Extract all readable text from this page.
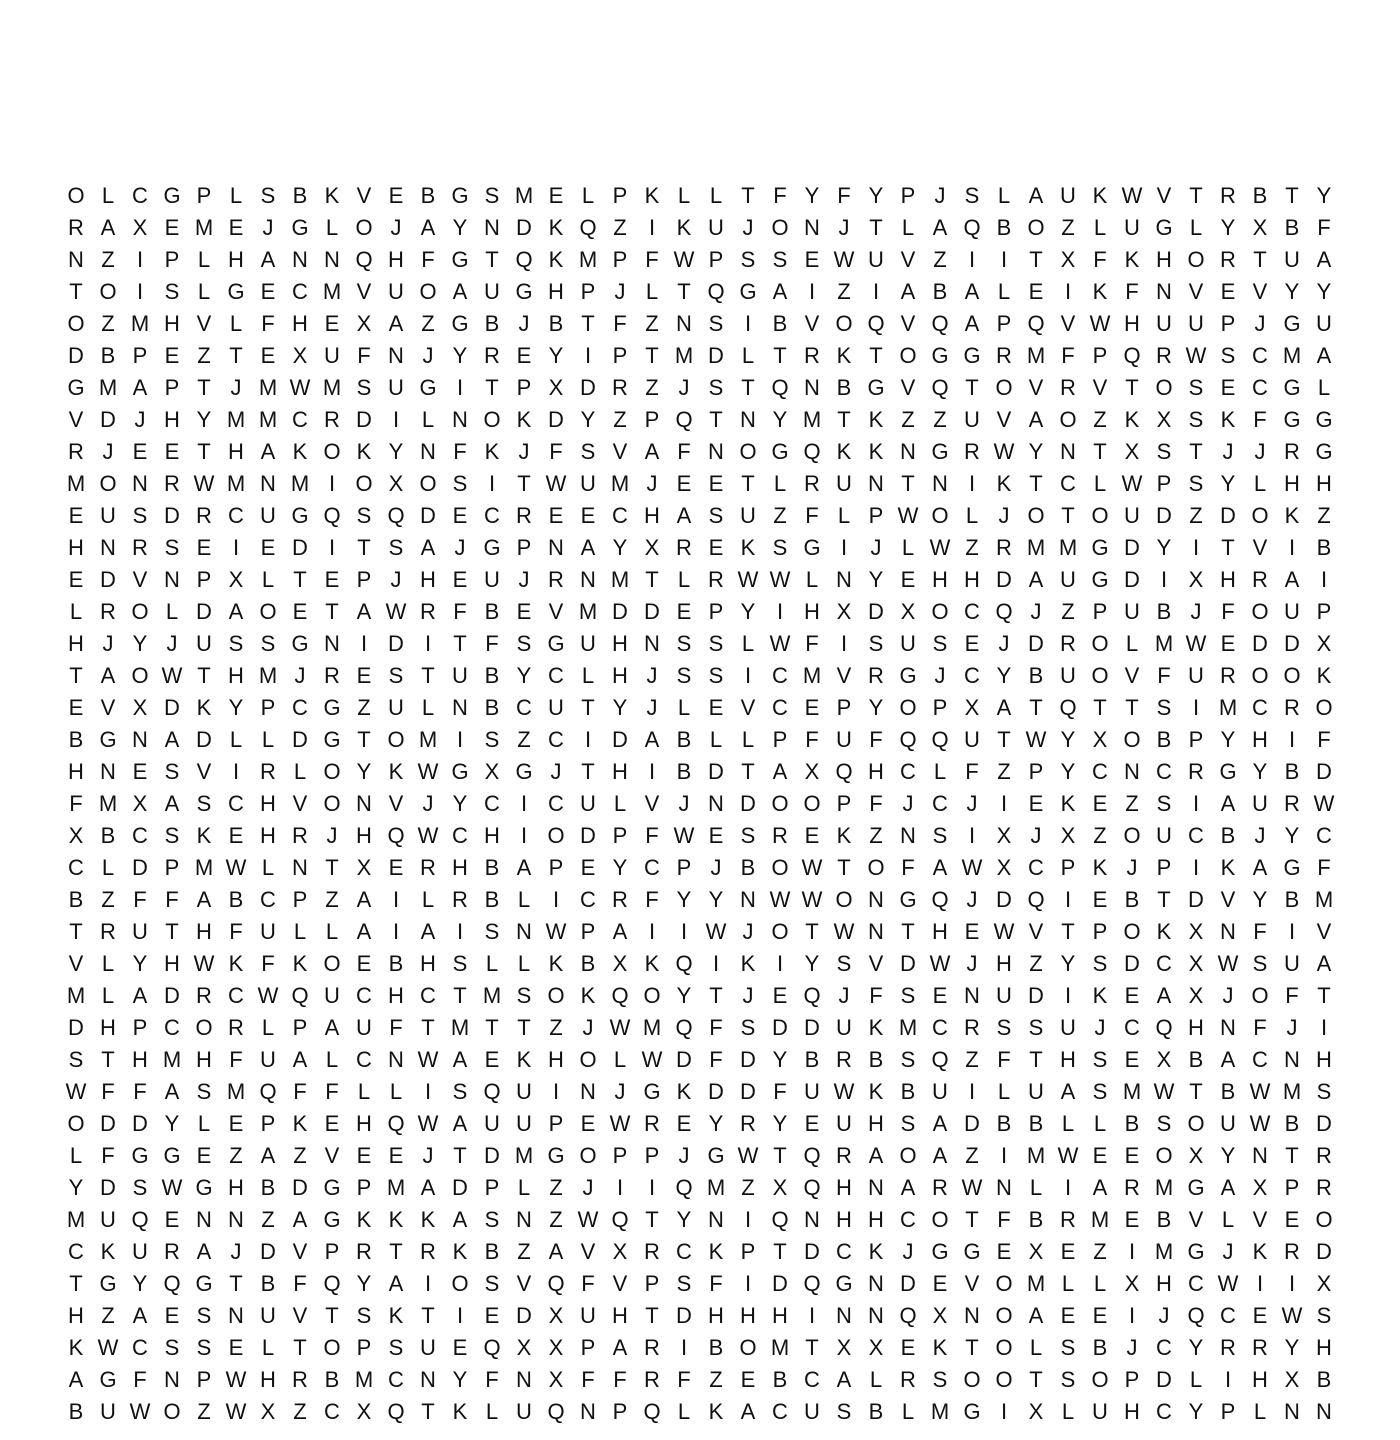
O L C G P L S B K V E B G S M E L P K L L T F Y F Y P J S L A U K W V T R B T Y
R A X E M E J G L O J A Y N D K Q Z	I K U J O N J T L A Q B O Z L U G L Y X B F
N Z	I P L H A N N Q H F G T Q K M P F W P S S E W U V Z	I	I	T X F K H O R T U A
T O I S L G E C M V U O A U G H P J L T Q G A I	Z	I A B A L E I K F N V E V Y Y
O Z M H V L F H E X A Z G B J B T F Z N S I B V O Q V Q A P Q V W H U U P J G U
D B P E Z T E X U F N J Y R E Y I P T M D L T R K T O G G R M F P Q R W S C M A
G M A P T J M W M S U G I	T P X D R Z J S T Q N B G V Q T O V R V T O S E C G L
V D J H Y M M C R D I	L N O K D Y Z P Q T N Y M T K Z Z U V A O Z K X S K F G G
R J E E T H A K O K Y N F K J F S V A F N O G Q K K N G R W Y N T X S T J J R G
M O N R W M N M I O X O S I	T W U M J E E T L R U N T N I K T C L W P S Y L H H
E U S D R C U G Q S Q D E C R E E C H A S U Z F L P W O L J O T O U D Z D O K Z
H N R S E I E D I	T S A J G P N A Y X R E K S G I	J L W Z R M M G D Y I	T V I B
E D V N P X L T E P J H E U J R N M T L R W W L N Y E H H D A U G D I X H R A I
L R O L D A O E T A W R F B E V M D D E P Y I H X D X O C Q J Z P U B J F O U P
H J Y J U S S G N I D I	T F S G U H N S S L W F	I S U S E J D R O L M W E D D X
T A O W T H M J R E S T U B Y C L H J S S I C M V R G J C Y B U O V F U R O O K
E V X D K Y P C G Z U L N B C U T Y J L E V C E P Y O P X A T Q T T S I M C R O
B G N A D L L D G T O M I S Z C I D A B L L P F U F Q Q U T W Y X O B P Y H I	F
H N E S V I R L O Y K W G X G J T H I B D T A X Q H C L F Z P Y C N C R G Y B D
F M X A S C H V O N V J Y C I C U L V J N D O O P F J C J	I E K E Z S I A U R W
X B C S K E H R J H Q W C H I O D P F W E S R E K Z N S I X J X Z O U C B J Y C
C L D P M W L N T X E R H B A P E Y C P J B O W T O F A W X C P K J P I K A G F
B Z F F A B C P Z A I	L R B L	I C R F Y Y N W W O N G Q J D Q I E B T D V Y B M
T R U T H F U L L A I A I S N W P A I	I W J O T W N T H E W V T P O K X N F	I V
V L Y H W K F K O E B H S L L K B X K Q I K I Y S V D W J H Z Y S D C X W S U A
M L A D R C W Q U C H C T M S O K Q O Y T J E Q J F S E N U D I K E A X J O F T
D H P C O R L P A U F T M T T Z J W M Q F S D D U K M C R S S U J C Q H N F J	I
S T H M H F U A L C N W A E K H O L W D F D Y B R B S Q Z F T H S E X B A C N H
W F F A S M Q F F L L	I S Q U I N J G K D D F U W K B U I	L U A S M W T B W M S
O D D Y L E P K E H Q W A U U P E W R E Y R Y E U H S A D B B L L B S O U W B D
L F G G E Z A Z V E E J T D M G O P P J G W T Q R A O A Z	I M W E E O X Y N T R
Y D S W G H B D G P M A D P L Z J	I	I Q M Z X Q H N A R W N L	I A R M G A X P R
M U Q E N N Z A G K K K A S N Z W Q T Y N I Q N H H C O T F B R M E B V L V E O
C K U R A J D V P R T R K B Z A V X R C K P T D C K J G G E X E Z	I M G J K R D
T G Y Q G T B F Q Y A I O S V Q F V P S F	I D Q G N D E V O M L L X H C W I	I X
H Z A E S N U V T S K T	I E D X U H T D H H H I N N Q X N O A E E I	J Q C E W S
K W C S S E L T O P S U E Q X X P A R I B O M T X X E K T O L S B J C Y R R Y H
A G F N P W H R B M C N Y F N X F F R F Z E B C A L R S O O T S O P D L	I H X B
B U W O Z W X Z C X Q T K L U Q N P Q L K A C U S B L M G I X L U H C Y P L N N
